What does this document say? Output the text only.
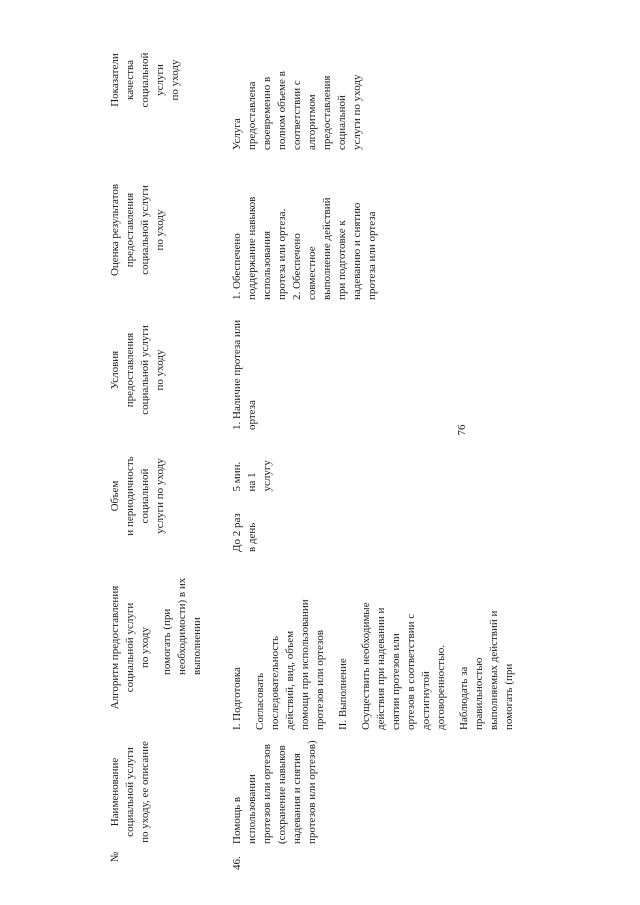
76
№
Наименование социальной услуги по уходу, ее описание
Алгоритм предоставления социальной услуги по уходу помогать (при необходимости) в их выполнении
Объем и периодичность социальной услуги по уходу
Условия предоставления социальной услуги по уходу
Оценка результатов предоставления социальной услуги по уходу
Показатели качества социальной услуги по уходу
46.
Помощь в использовании протезов или ортезов (сохранение навыков надевания и снятия протезов или ортезов)
I. Подготовка Согласовать последовательность действий, вид, объем помощи при использовании протезов или ортезов II. Выполнение Осуществить необходимые действия при надевании и снятии протезов или ортезов в соответствии с достигнутой договоренностью. Наблюдать за правильностью выполняемых действий и помогать (при
До 2 раз в день
5 мин. на 1 услугу
1. Наличие протеза или ортеза
1. Обеспечено поддержание навыков использования протеза или ортеза. 2. Обеспечено совместное выполнение действий при подготовке к надеванию и снятию протеза или ортеза
Услуга предоставлена своевременно в полном объеме в соответствии с алгоритмом предоставления социальной услуги по уходу
